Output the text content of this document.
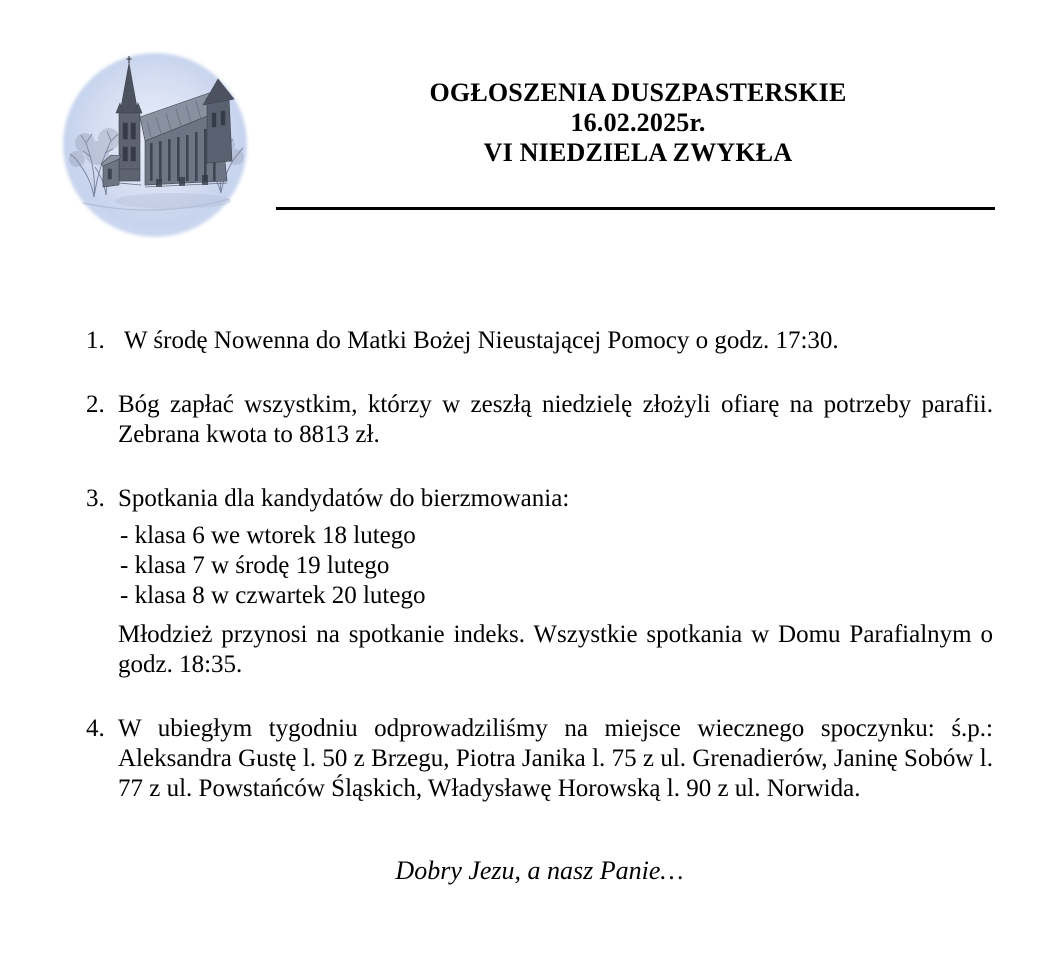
OGŁOSZENIA DUSZPASTERSKIE
16.02.2025r.
VI NIEDZIELA ZWYKŁA
1. W środę Nowenna do Matki Bożej Nieustającej Pomocy o godz. 17:30.
2. Bóg zapłać wszystkim, którzy w zeszłą niedzielę złożyli ofiarę na potrzeby parafii. Zebrana kwota to 8813 zł.
3. Spotkania dla kandydatów do bierzmowania:
- klasa 6 we wtorek 18 lutego
- klasa 7 w środę 19 lutego
- klasa 8 w czwartek 20 lutego
Młodzież przynosi na spotkanie indeks. Wszystkie spotkania w Domu Parafialnym o godz. 18:35.
4. W ubiegłym tygodniu odprowadziliśmy na miejsce wiecznego spoczynku: ś.p.: Aleksandra Gustę l. 50 z Brzegu, Piotra Janika l. 75 z ul. Grenadierów, Janinę Sobów l. 77 z ul. Powstańców Śląskich, Władysławę Horowską l. 90 z ul. Norwida.
Dobry Jezu, a nasz Panie…
